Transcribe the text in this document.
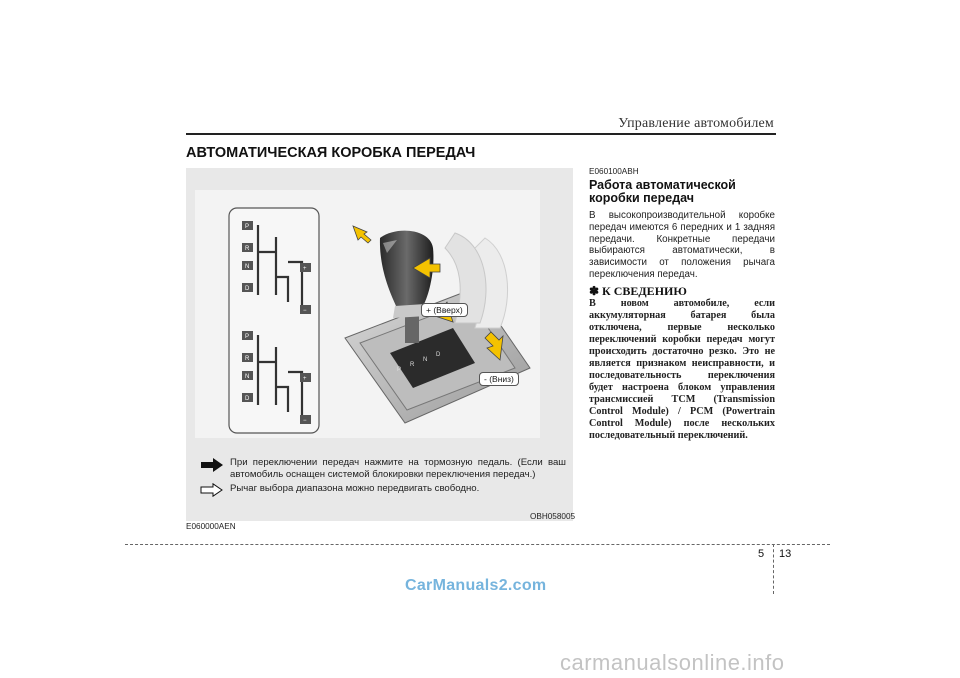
Управление автомобилем
АВТОМАТИЧЕСКАЯ КОРОБКА ПЕРЕДАЧ
P
R
N
D
+
−
P
R
N
D
+
−
P
R
N
D
+ (Вверх)
- (Вниз)
При переключении передач нажмите на тормозную педаль. (Если ваш автомобиль оснащен системой блокировки переключения передач.)
Рычаг выбора диапазона можно передвигать свободно.
OBH058005
E060000AEN
E060100ABH
Работа автоматической коробки передач
В высокопроизводительной коробке передач имеются 6 передних и 1 задняя передачи. Конкретные передачи выбираются автоматически, в зависимости от положения рычага переключения передач.
✽ К СВЕДЕНИЮ
В новом автомобиле, если аккумуляторная батарея была отключена, первые несколько переключений коробки передач могут происходить достаточно резко. Это не является признаком неисправности, и последовательность переключения будет настроена блоком управления трансмиссией TCM (Transmission Control Module) / PCM (Powertrain Control Module) после нескольких последовательный переключений.
5 13
CarManuals2.com
carmanualsonline.info
